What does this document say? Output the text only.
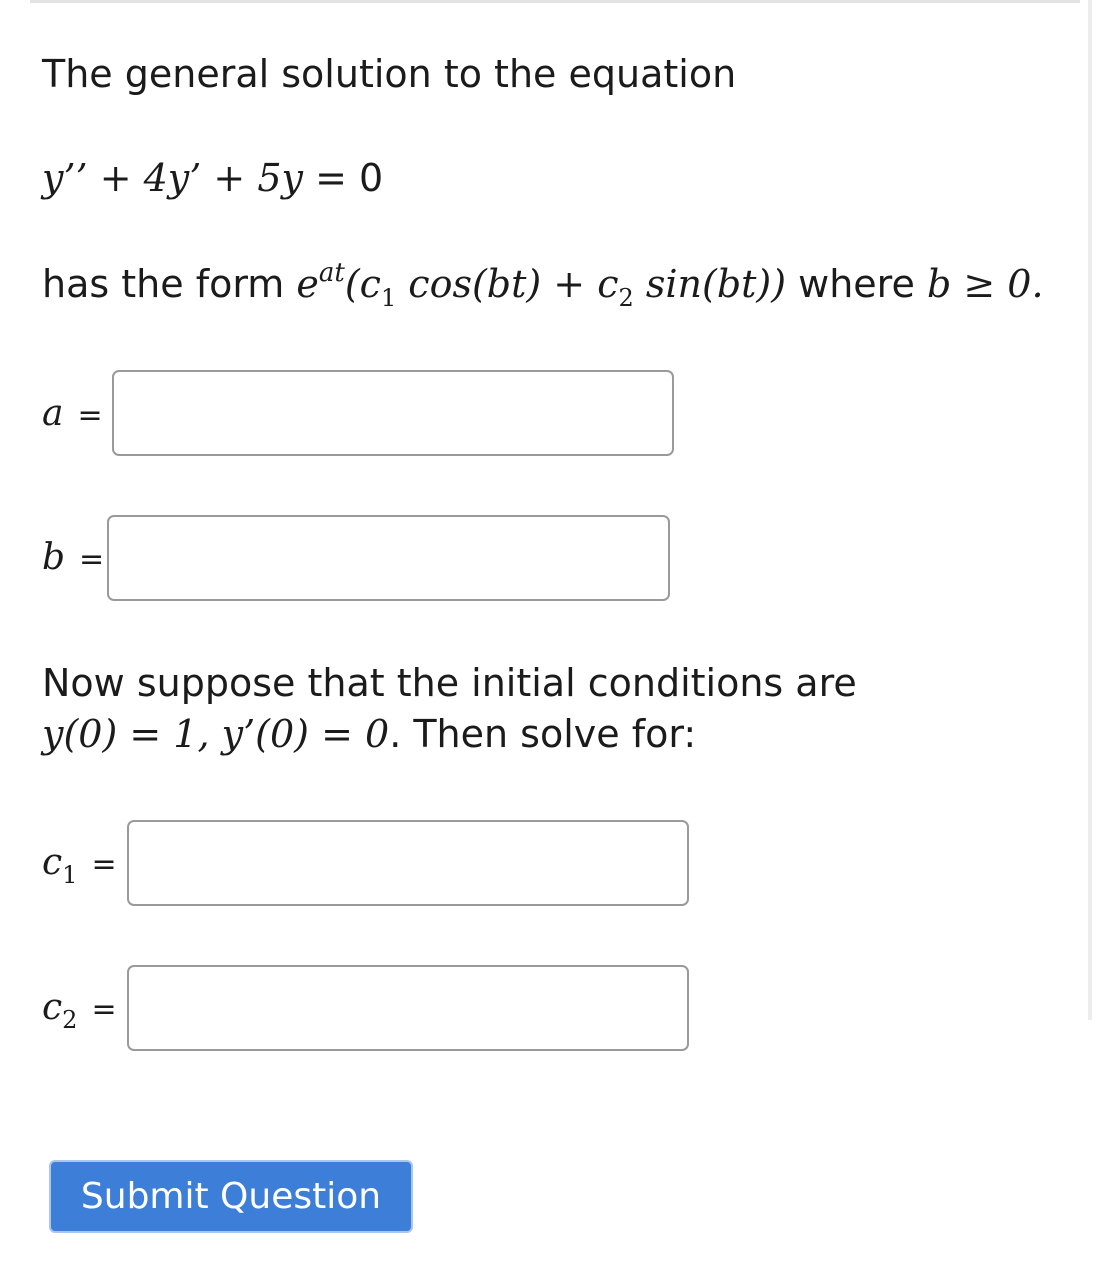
The general solution to the equation
y’’ + 4y’ + 5y = 0
has the form $e^{at}(c_1$ $\cos(bt) + c_2$ sin(bt)) where b ≥ 0.
a =
b =
Now suppose that the initial conditions are
y(0) = 1, y’(0) = 0. Then solve for:
$c_1$ =
$c_2$ =
Submit Question
